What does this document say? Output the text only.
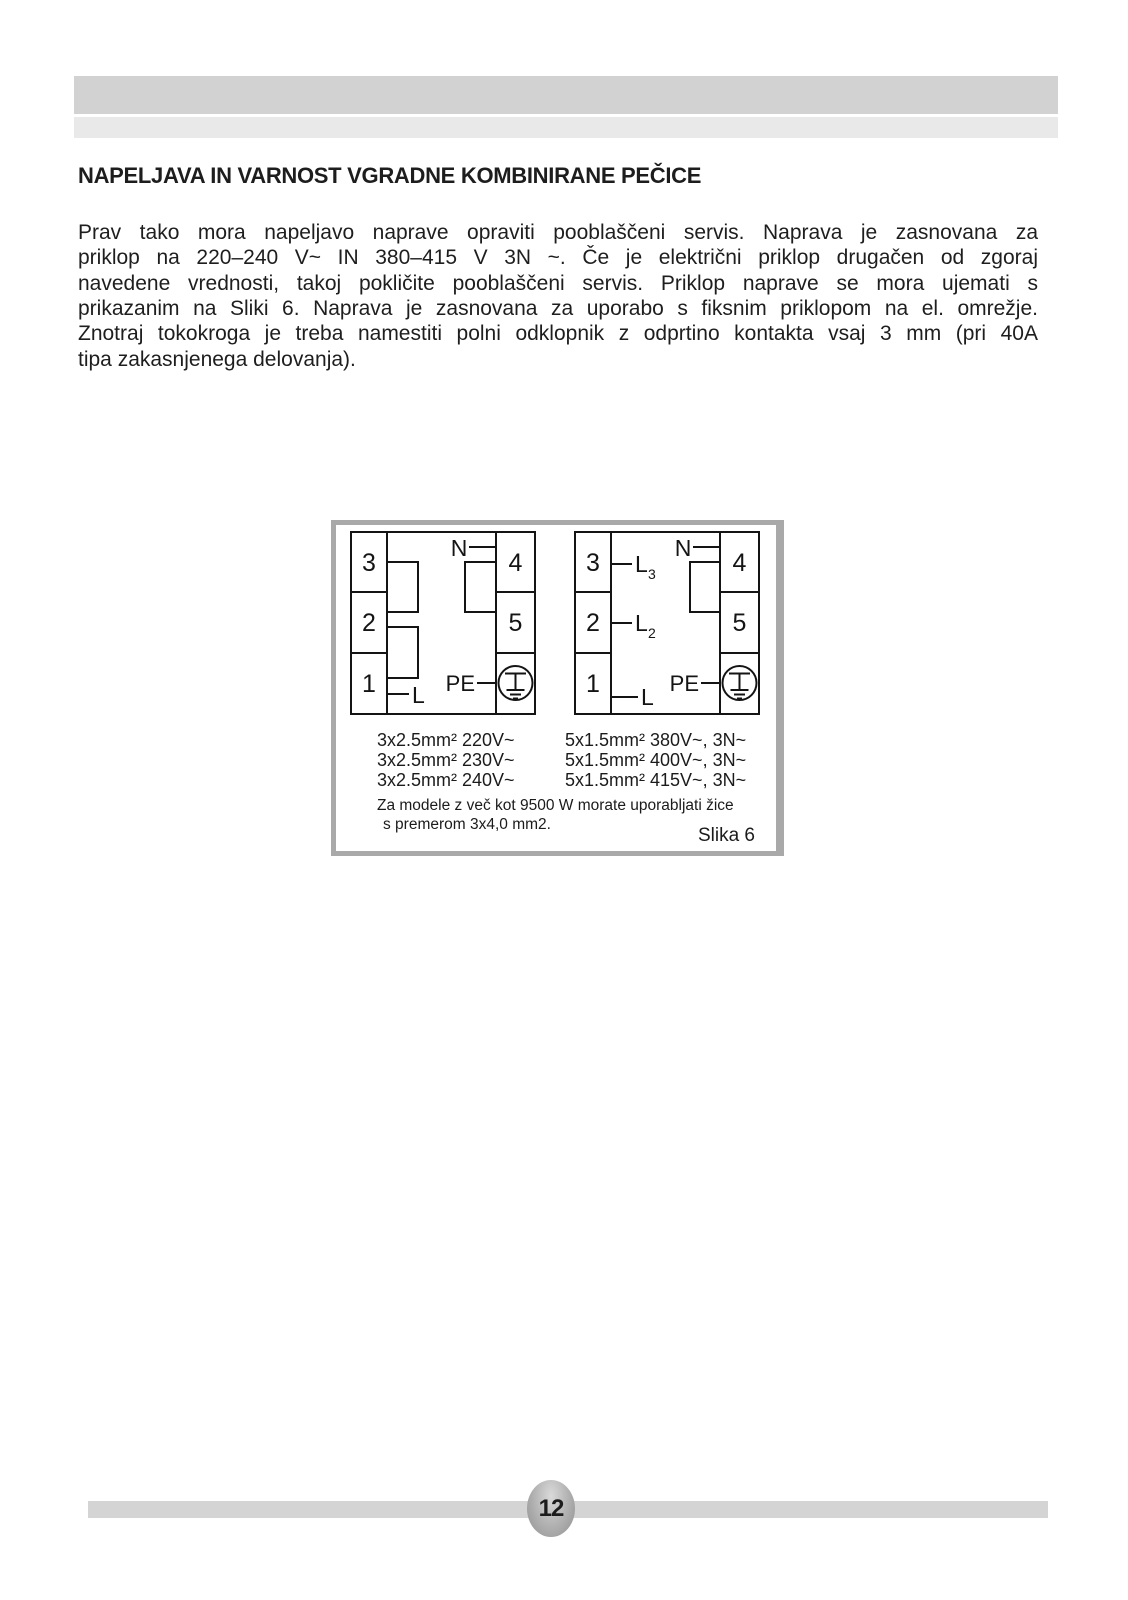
NAPELJAVA IN VARNOST VGRADNE KOMBINIRANE PEČICE
Prav tako mora napeljavo naprave opraviti pooblaščeni servis. Naprava je zasnovana za
priklop na 220–240 V~ IN 380–415 V 3N ~. Če je električni priklop drugačen od zgoraj
navedene vrednosti, takoj pokličite pooblaščeni servis. Priklop naprave se mora ujemati s
prikazanim na Sliki 6. Naprava je zasnovana za uporabo s fiksnim priklopom na el. omrežje.
Znotraj tokokroga je treba namestiti polni odklopnik z odprtino kontakta vsaj 3 mm (pri 40A
tipa zakasnjenega delovanja).
3
2
1
4
5
N
PE
L
3
2
1
4
5
N
PE
L 3
L 2
L
3x2.5mm² 220V~
3x2.5mm² 230V~
3x2.5mm² 240V~
5x1.5mm² 380V~, 3N~
5x1.5mm² 400V~, 3N~
5x1.5mm² 415V~, 3N~
Za modele z več kot 9500 W morate uporabljati žice
s premerom 3x4,0 mm2.
Slika 6
12
